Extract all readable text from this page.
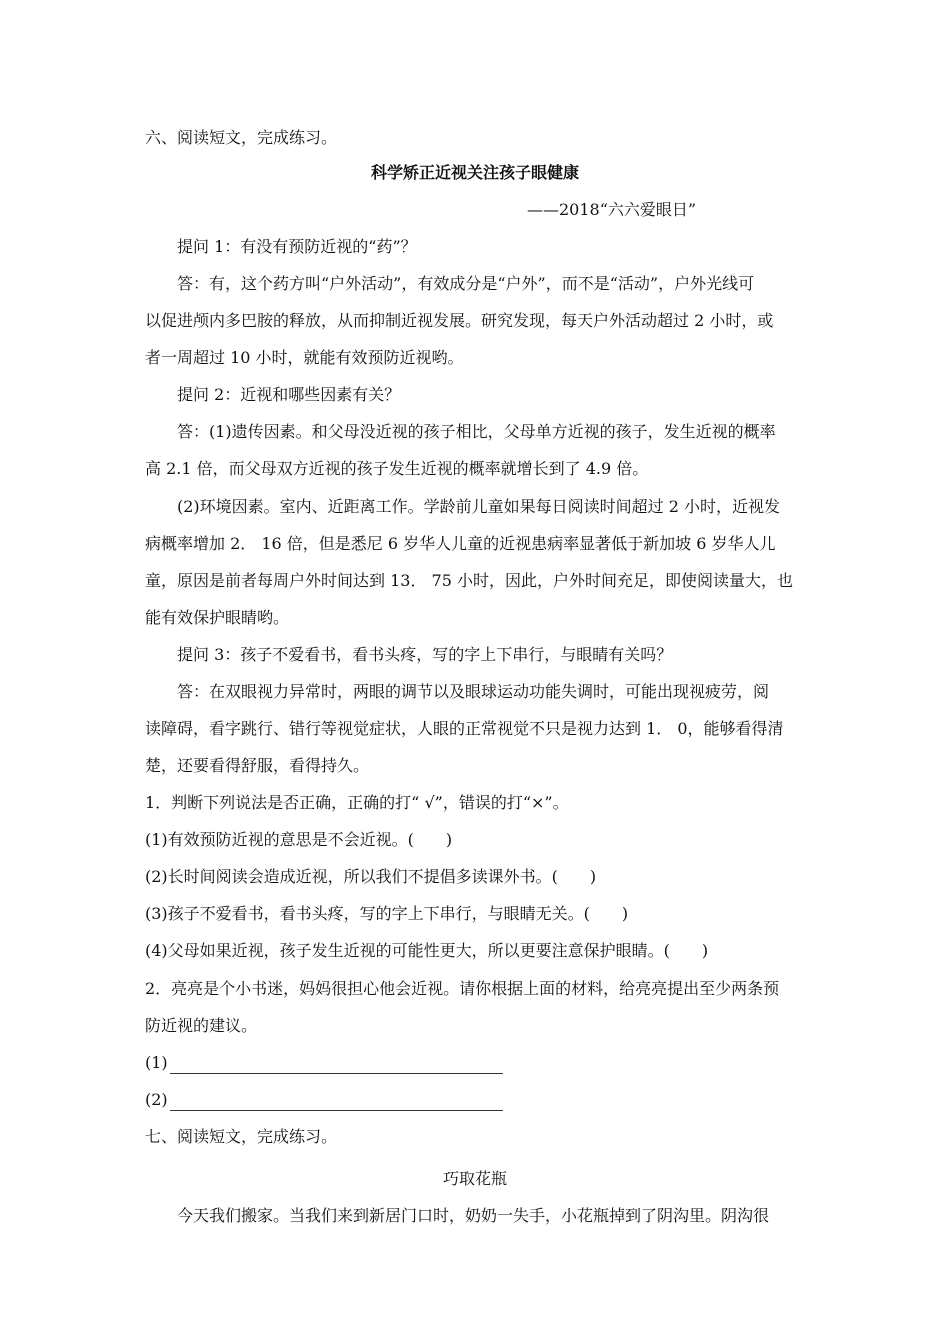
六、阅读短文，完成练习。
科学矫正近视关注孩子眼健康
——2018“六六爱眼日”
提问 1：有没有预防近视的“药”？
答：有，这个药方叫“户外活动”，有效成分是“户外”，而不是“活动”，户外光线可
以促进颅内多巴胺的释放，从而抑制近视发展。研究发现，每天户外活动超过 2 小时，或
者一周超过 10 小时，就能有效预防近视哟。
提问 2：近视和哪些因素有关？
答：(1)遗传因素。和父母没近视的孩子相比，父母单方近视的孩子，发生近视的概率
高 2.1 倍，而父母双方近视的孩子发生近视的概率就增长到了 4.9 倍。
(2)环境因素。室内、近距离工作。学龄前儿童如果每日阅读时间超过 2 小时，近视发
病概率增加 2． 16 倍，但是悉尼 6 岁华人儿童的近视患病率显著低于新加坡 6 岁华人儿
童，原因是前者每周户外时间达到 13． 75 小时，因此，户外时间充足，即使阅读量大，也
能有效保护眼睛哟。
提问 3：孩子不爱看书，看书头疼，写的字上下串行，与眼睛有关吗？
答：在双眼视力异常时，两眼的调节以及眼球运动功能失调时，可能出现视疲劳，阅
读障碍，看字跳行、错行等视觉症状，人眼的正常视觉不只是视力达到 1． 0，能够看得清
楚，还要看得舒服，看得持久。
1．判断下列说法是否正确，正确的打“ √”，错误的打“×”。
(1)有效预防近视的意思是不会近视。(　　)
(2)长时间阅读会造成近视，所以我们不提倡多读课外书。(　　)
(3)孩子不爱看书，看书头疼，写的字上下串行，与眼睛无关。(　　)
(4)父母如果近视，孩子发生近视的可能性更大，所以更要注意保护眼睛。(　　)
2．亮亮是个小书迷，妈妈很担心他会近视。请你根据上面的材料，给亮亮提出至少两条预
防近视的建议。
(1)
(2)
七、阅读短文，完成练习。
巧取花瓶
今天我们搬家。当我们来到新居门口时，奶奶一失手，小花瓶掉到了阴沟里。阴沟很
